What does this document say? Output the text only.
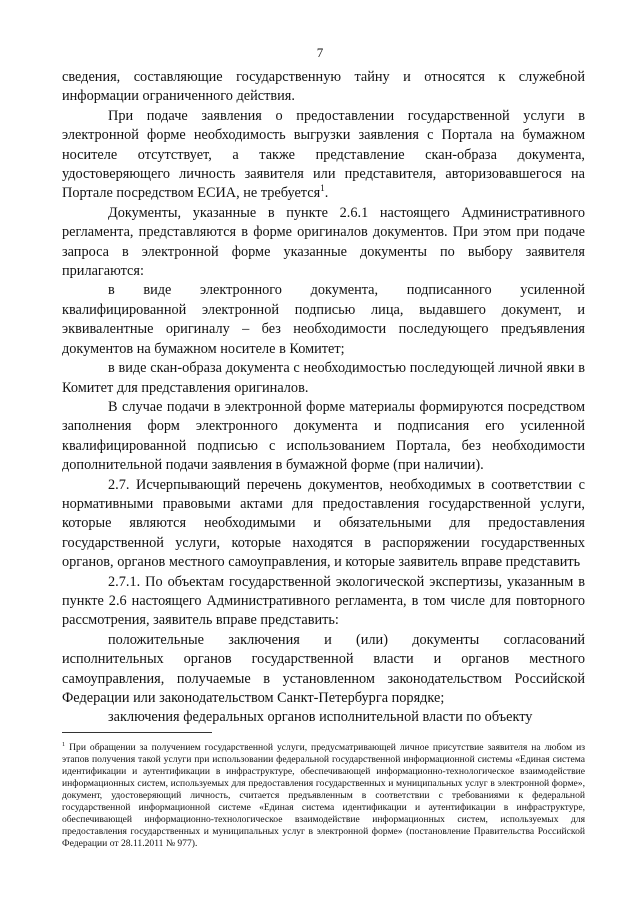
7

сведения, составляющие государственную тайну и относятся к служебной информации ограниченного действия.

При подаче заявления о предоставлении государственной услуги в электронной форме необходимость выгрузки заявления с Портала на бумажном носителе отсутствует, а также представление скан-образа документа, удостоверяющего личность заявителя или представителя, авторизовавшегося на Портале посредством ЕСИА, не требуется$^1$.

Документы, указанные в пункте 2.6.1 настоящего Административного регламента, представляются в форме оригиналов документов. При этом при подаче запроса в электронной форме указанные документы по выбору заявителя прилагаются:

в виде электронного документа, подписанного усиленной квалифицированной электронной подписью лица, выдавшего документ, и эквивалентные оригиналу – без необходимости последующего предъявления документов на бумажном носителе в Комитет;

в виде скан-образа документа с необходимостью последующей личной явки в Комитет для представления оригиналов.

В случае подачи в электронной форме материалы формируются посредством заполнения форм электронного документа и подписания его усиленной квалифицированной подписью с использованием Портала, без необходимости дополнительной подачи заявления в бумажной форме (при наличии).

2.7. Исчерпывающий перечень документов, необходимых в соответствии с нормативными правовыми актами для предоставления государственной услуги, которые являются необходимыми и обязательными для предоставления государственной услуги, которые находятся в распоряжении государственных органов, органов местного самоуправления, и которые заявитель вправе представить

2.7.1. По объектам государственной экологической экспертизы, указанным в пункте 2.6 настоящего Административного регламента, в том числе для повторного рассмотрения, заявитель вправе представить:

положительные заключения и (или) документы согласований исполнительных органов государственной власти и органов местного самоуправления, получаемые в установленном законодательством Российской Федерации или законодательством Санкт-Петербурга порядке;

заключения федеральных органов исполнительной власти по объекту

$^1$ При обращении за получением государственной услуги, предусматривающей личное присутствие заявителя на любом из этапов получения такой услуги при использовании федеральной государственной информационной системы «Единая система идентификации и аутентификации в инфраструктуре, обеспечивающей информационно-технологическое взаимодействие информационных систем, используемых для предоставления государственных и муниципальных услуг в электронной форме», документ, удостоверяющий личность, считается предъявленным в соответствии с требованиями к федеральной государственной информационной системе «Единая система идентификации и аутентификации в инфраструктуре, обеспечивающей информационно-технологическое взаимодействие информационных систем, используемых для предоставления государственных и муниципальных услуг в электронной форме» (постановление Правительства Российской Федерации от 28.11.2011 № 977).
